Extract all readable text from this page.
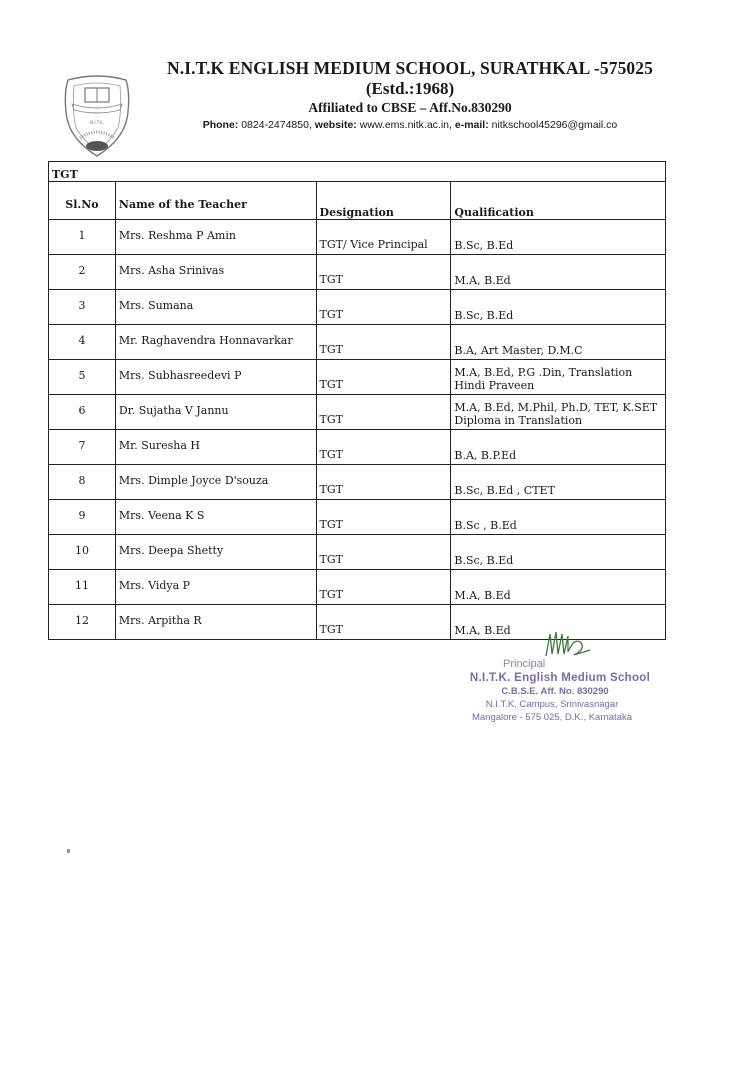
N.I.T.K.
N.I.T.K ENGLISH MEDIUM SCHOOL, SURATHKAL -575025
(Estd.:1968)
Affiliated to CBSE – Aff.No.830290
Phone: 0824-2474850, website: www.ems.nitk.ac.in, e-mail: nitkschool45296@gmail.co
TGT			
Sl.No	Name of the Teacher	Designation	Qualification
1	Mrs. Reshma P Amin	TGT/ Vice Principal	B.Sc, B.Ed
2	Mrs. Asha Srinivas	TGT	M.A, B.Ed
3	Mrs. Sumana	TGT	B.Sc, B.Ed
4	Mr. Raghavendra Honnavarkar	TGT	B.A, Art Master, D.M.C
5	Mrs. Subhasreedevi P	TGT	M.A, B.Ed, P.G .Din, Translation Hindi Praveen
6	Dr. Sujatha V Jannu	TGT	M.A, B.Ed, M.Phil, Ph.D, TET, K.SET Diploma in Translation
7	Mr. Suresha H	TGT	B.A, B.P.Ed
8	Mrs. Dimple Joyce D'souza	TGT	B.Sc, B.Ed , CTET
9	Mrs. Veena K S	TGT	B.Sc , B.Ed
10	Mrs. Deepa Shetty	TGT	B.Sc, B.Ed
11	Mrs. Vidya P	TGT	M.A, B.Ed
12	Mrs. Arpitha R	TGT	M.A, B.Ed
Principal
N.I.T.K. English Medium School
C.B.S.E. Aff. No. 830290
N.I.T.K. Campus, Srinivasnagar
Mangalore - 575 025, D.K., Karnataka
